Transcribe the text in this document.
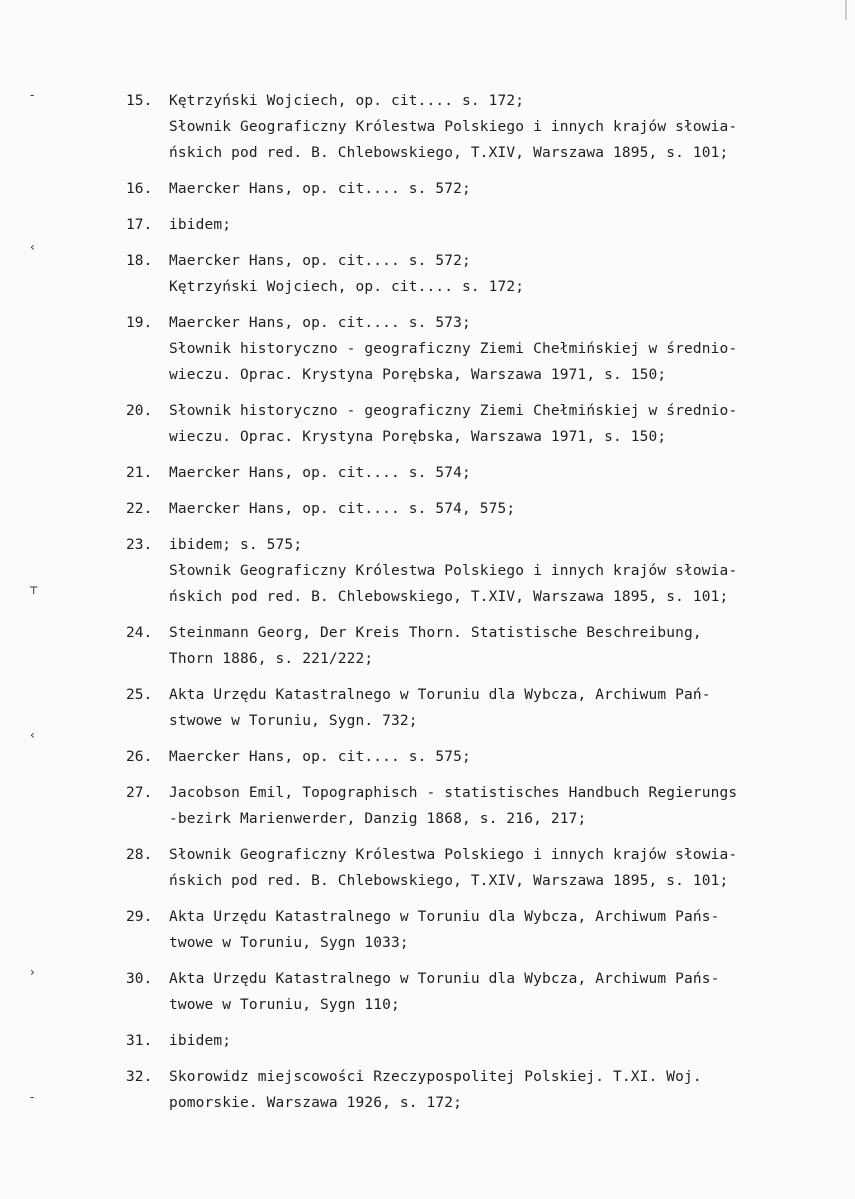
‐
‹
┬
‹
›
‐
15.	Kętrzyński Wojciech, op. cit.... s. 172;
Słownik Geograficzny Królestwa Polskiego i innych krajów słowia-
ńskich pod red. B. Chlebowskiego, T.XIV, Warszawa 1895, s. 101;
16.	Maercker Hans, op. cit.... s. 572;
17.	ibidem;
18.	Maercker Hans, op. cit.... s. 572;
Kętrzyński Wojciech, op. cit.... s. 172;
19.	Maercker Hans, op. cit.... s. 573;
Słownik historyczno - geograficzny Ziemi Chełmińskiej w średnio-
wieczu. Oprac. Krystyna Porębska, Warszawa 1971, s. 150;
20.	Słownik historyczno - geograficzny Ziemi Chełmińskiej w średnio-
wieczu. Oprac. Krystyna Porębska, Warszawa 1971, s. 150;
21.	Maercker Hans, op. cit.... s. 574;
22.	Maercker Hans, op. cit.... s. 574, 575;
23.	ibidem; s. 575;
Słownik Geograficzny Królestwa Polskiego i innych krajów słowia-
ńskich pod red. B. Chlebowskiego, T.XIV, Warszawa 1895, s. 101;
24.	Steinmann Georg, Der Kreis Thorn. Statistische Beschreibung,
Thorn 1886, s. 221/222;
25.	Akta Urzędu Katastralnego w Toruniu dla Wybcza, Archiwum Pań-
stwowe w Toruniu, Sygn. 732;
26.	Maercker Hans, op. cit.... s. 575;
27.	Jacobson Emil, Topographisch - statistisches Handbuch Regierungs
-bezirk Marienwerder, Danzig 1868, s. 216, 217;
28.	Słownik Geograficzny Królestwa Polskiego i innych krajów słowia-
ńskich pod red. B. Chlebowskiego, T.XIV, Warszawa 1895, s. 101;
29.	Akta Urzędu Katastralnego w Toruniu dla Wybcza, Archiwum Pańs-
twowe w Toruniu, Sygn 1033;
30.	Akta Urzędu Katastralnego w Toruniu dla Wybcza, Archiwum Pańs-
twowe w Toruniu, Sygn 110;
31.	ibidem;
32.	Skorowidz miejscowości Rzeczypospolitej Polskiej. T.XI. Woj.
pomorskie. Warszawa 1926, s. 172;
